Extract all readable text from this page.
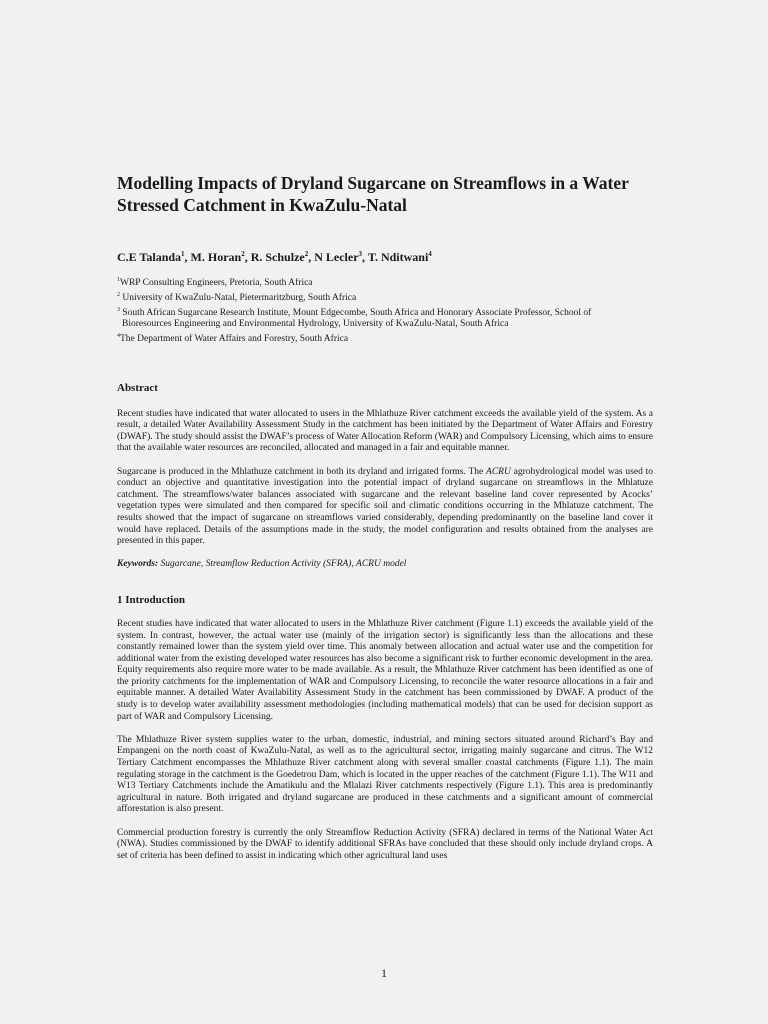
Modelling Impacts of Dryland Sugarcane on Streamflows in a Water Stressed Catchment in KwaZulu-Natal
C.E Talanda$^1$, M. Horan$^2$, R. Schulze$^2$, N Lecler$^3$, T. Nditwani$^4$
$^1$WRP Consulting Engineers, Pretoria, South Africa
$^2$ University of KwaZulu-Natal, Pietermaritzburg, South Africa
$^3$ South African Sugarcane Research Institute, Mount Edgecombe, South Africa and Honorary Associate Professor, School of
Bioresources Engineering and Environmental Hydrology, University of KwaZulu-Natal, South Africa
$^4$The Department of Water Affairs and Forestry, South Africa
Abstract

Recent studies have indicated that water allocated to users in the Mhlathuze River catchment exceeds the available yield of the system. As a result, a detailed Water Availability Assessment Study in the catchment has been initiated by the Department of Water Affairs and Forestry (DWAF). The study should assist the DWAF’s process of Water Allocation Reform (WAR) and Compulsory Licensing, which aims to ensure that the available water resources are reconciled, allocated and managed in a fair and equitable manner.

Sugarcane is produced in the Mhlathuze catchment in both its dryland and irrigated forms. The ACRU agrohydrological model was used to conduct an objective and quantitative investigation into the potential impact of dryland sugarcane on streamflows in the Mhlatuze catchment. The streamflows/water balances associated with sugarcane and the relevant baseline land cover represented by Acocks’ vegetation types were simulated and then compared for specific soil and climatic conditions occurring in the Mhlatuze catchment. The results showed that the impact of sugarcane on streamflows varied considerably, depending predominantly on the baseline land cover it would have replaced. Details of the assumptions made in the study, the model configuration and results obtained from the analyses are presented in this paper.

Keywords: Sugarcane, Streamflow Reduction Activity (SFRA), ACRU model

1 Introduction

Recent studies have indicated that water allocated to users in the Mhlathuze River catchment (Figure 1.1) exceeds the available yield of the system. In contrast, however, the actual water use (mainly of the irrigation sector) is significantly less than the allocations and these constantly remained lower than the system yield over time. This anomaly between allocation and actual water use and the competition for additional water from the existing developed water resources has also become a significant risk to further economic development in the area. Equity requirements also require more water to be made available. As a result, the Mhlathuze River catchment has been identified as one of the priority catchments for the implementation of WAR and Compulsory Licensing, to reconcile the water resource allocations in a fair and equitable manner. A detailed Water Availability Assessment Study in the catchment has been commissioned by DWAF. A product of the study is to develop water availability assessment methodologies (including mathematical models) that can be used for decision support as part of WAR and Compulsory Licensing.

The Mhlathuze River system supplies water to the urban, domestic, industrial, and mining sectors situated around Richard’s Bay and Empangeni on the north coast of KwaZulu-Natal, as well as to the agricultural sector, irrigating mainly sugarcane and citrus. The W12 Tertiary Catchment encompasses the Mhlathuze River catchment along with several smaller coastal catchments (Figure 1.1). The main regulating storage in the catchment is the Goedetrou Dam, which is located in the upper reaches of the catchment (Figure 1.1). The W11 and W13 Tertiary Catchments include the Amatikulu and the Mlalazi River catchments respectively (Figure 1.1). This area is predominantly agricultural in nature. Both irrigated and dryland sugarcane are produced in these catchments and a significant amount of commercial afforestation is also present.

Commercial production forestry is currently the only Streamflow Reduction Activity (SFRA) declared in terms of the National Water Act (NWA). Studies commissioned by the DWAF to identify additional SFRAs have concluded that these should only include dryland crops. A set of criteria has been defined to assist in indicating which other agricultural land uses

1
